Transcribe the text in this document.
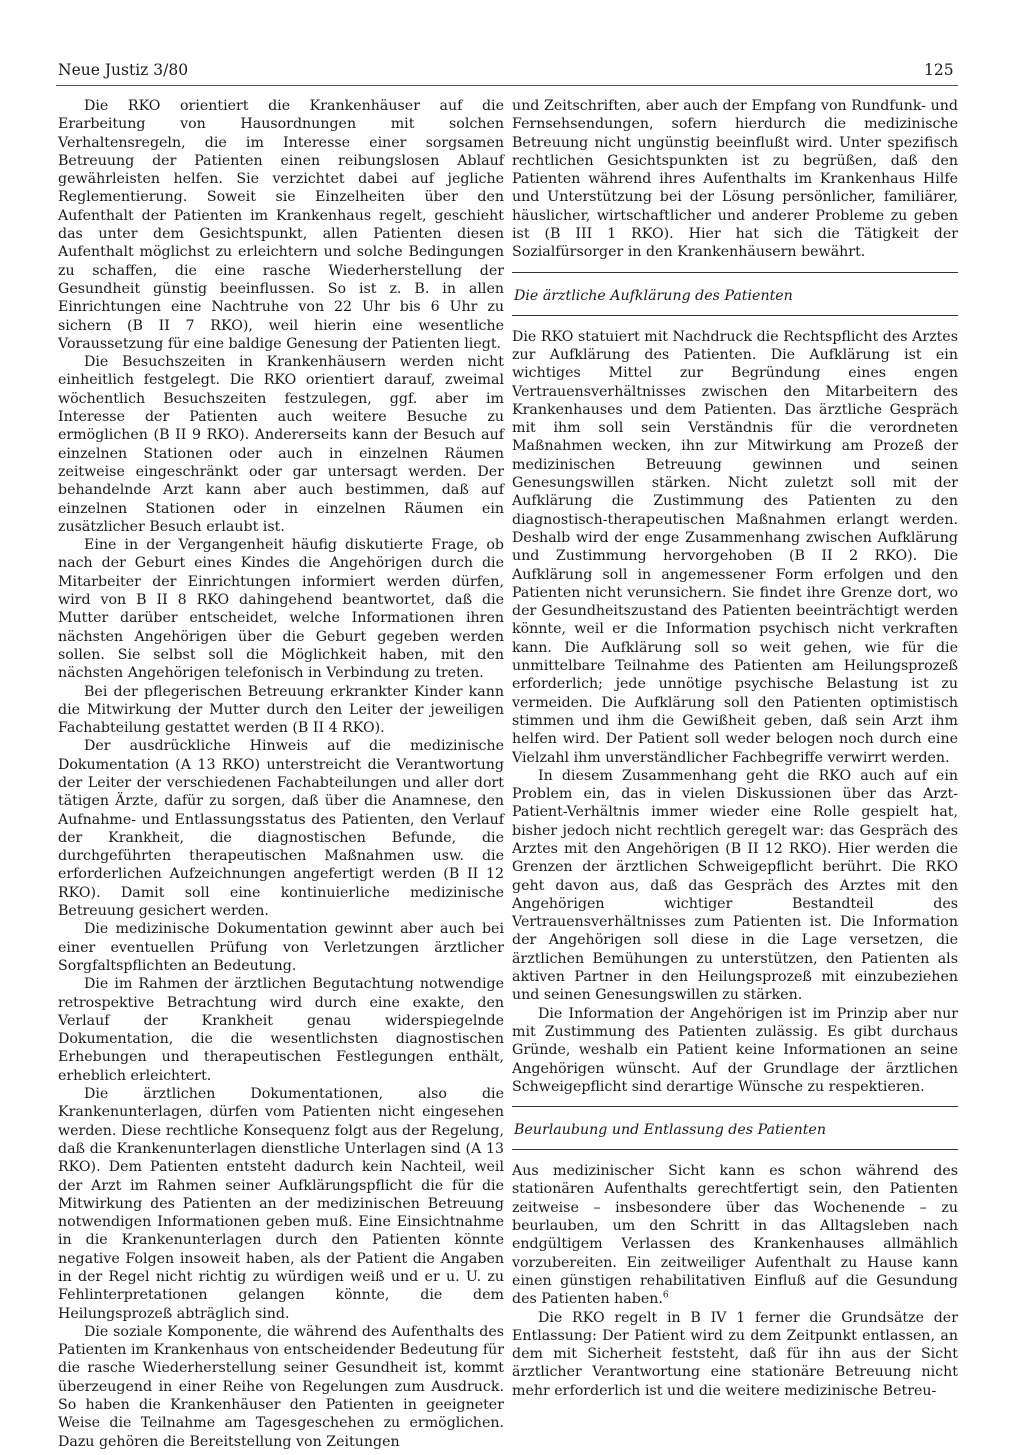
Neue Justiz 3/80	125

Die RKO orientiert die Krankenhäuser auf die Erarbeitung von Hausordnungen mit solchen Verhaltensregeln, die im Interesse einer sorgsamen Betreuung der Patienten einen reibungslosen Ablauf gewährleisten helfen. Sie verzichtet dabei auf jegliche Reglementierung. Soweit sie Einzelheiten über den Aufenthalt der Patienten im Krankenhaus regelt, geschieht das unter dem Gesichtspunkt, allen Patienten diesen Aufenthalt möglichst zu erleichtern und solche Bedingungen zu schaffen, die eine rasche Wiederherstellung der Gesundheit günstig beeinflussen. So ist z. B. in allen Einrichtungen eine Nachtruhe von 22 Uhr bis 6 Uhr zu sichern (B II 7 RKO), weil hierin eine wesentliche Voraussetzung für eine baldige Genesung der Patienten liegt.

Die Besuchszeiten in Krankenhäusern werden nicht einheitlich festgelegt. Die RKO orientiert darauf, zweimal wöchentlich Besuchszeiten festzulegen, ggf. aber im Interesse der Patienten auch weitere Besuche zu ermöglichen (B II 9 RKO). Andererseits kann der Besuch auf einzelnen Stationen oder auch in einzelnen Räumen zeitweise eingeschränkt oder gar untersagt werden. Der behandelnde Arzt kann aber auch bestimmen, daß auf einzelnen Stationen oder in einzelnen Räumen ein zusätzlicher Besuch erlaubt ist.

Eine in der Vergangenheit häufig diskutierte Frage, ob nach der Geburt eines Kindes die Angehörigen durch die Mitarbeiter der Einrichtungen informiert werden dürfen, wird von B II 8 RKO dahingehend beantwortet, daß die Mutter darüber entscheidet, welche Informationen ihren nächsten Angehörigen über die Geburt gegeben werden sollen. Sie selbst soll die Möglichkeit haben, mit den nächsten Angehörigen telefonisch in Verbindung zu treten.

Bei der pflegerischen Betreuung erkrankter Kinder kann die Mitwirkung der Mutter durch den Leiter der jeweiligen Fachabteilung gestattet werden (B II 4 RKO).

Der ausdrückliche Hinweis auf die medizinische Dokumentation (A 13 RKO) unterstreicht die Verantwortung der Leiter der verschiedenen Fachabteilungen und aller dort tätigen Ärzte, dafür zu sorgen, daß über die Anamnese, den Aufnahme- und Entlassungsstatus des Patienten, den Verlauf der Krankheit, die diagnostischen Befunde, die durchgeführten therapeutischen Maßnahmen usw. die erforderlichen Aufzeichnungen angefertigt werden (B II 12 RKO). Damit soll eine kontinuierliche medizinische Betreuung gesichert werden.

Die medizinische Dokumentation gewinnt aber auch bei einer eventuellen Prüfung von Verletzungen ärztlicher Sorgfaltspflichten an Bedeutung.

Die im Rahmen der ärztlichen Begutachtung notwendige retrospektive Betrachtung wird durch eine exakte, den Verlauf der Krankheit genau widerspiegelnde Dokumentation, die die wesentlichsten diagnostischen Erhebungen und therapeutischen Festlegungen enthält, erheblich erleichtert.

Die ärztlichen Dokumentationen, also die Krankenunterlagen, dürfen vom Patienten nicht eingesehen werden. Diese rechtliche Konsequenz folgt aus der Regelung, daß die Krankenunterlagen dienstliche Unterlagen sind (A 13 RKO). Dem Patienten entsteht dadurch kein Nachteil, weil der Arzt im Rahmen seiner Aufklärungspflicht die für die Mitwirkung des Patienten an der medizinischen Betreuung notwendigen Informationen geben muß. Eine Einsichtnahme in die Krankenunterlagen durch den Patienten könnte negative Folgen insoweit haben, als der Patient die Angaben in der Regel nicht richtig zu würdigen weiß und er u. U. zu Fehlinterpretationen gelangen könnte, die dem Heilungsprozeß abträglich sind.

Die soziale Komponente, die während des Aufenthalts des Patienten im Krankenhaus von entscheidender Bedeutung für die rasche Wiederherstellung seiner Gesundheit ist, kommt überzeugend in einer Reihe von Regelungen zum Ausdruck. So haben die Krankenhäuser den Patienten in geeigneter Weise die Teilnahme am Tagesgeschehen zu ermöglichen. Dazu gehören die Bereitstellung von Zeitungen

und Zeitschriften, aber auch der Empfang von Rundfunk- und Fernsehsendungen, sofern hierdurch die medizinische Betreuung nicht ungünstig beeinflußt wird. Unter spezifisch rechtlichen Gesichtspunkten ist zu begrüßen, daß den Patienten während ihres Aufenthalts im Krankenhaus Hilfe und Unterstützung bei der Lösung persönlicher, familiärer, häuslicher, wirtschaftlicher und anderer Probleme zu geben ist (B III 1 RKO). Hier hat sich die Tätigkeit der Sozialfürsorger in den Krankenhäusern bewährt.

Die ärztliche Aufklärung des Patienten

Die RKO statuiert mit Nachdruck die Rechtspflicht des Arztes zur Aufklärung des Patienten. Die Aufklärung ist ein wichtiges Mittel zur Begründung eines engen Vertrauensverhältnisses zwischen den Mitarbeitern des Krankenhauses und dem Patienten. Das ärztliche Gespräch mit ihm soll sein Verständnis für die verordneten Maßnahmen wecken, ihn zur Mitwirkung am Prozeß der medizinischen Betreuung gewinnen und seinen Genesungswillen stärken. Nicht zuletzt soll mit der Aufklärung die Zustimmung des Patienten zu den diagnostisch-therapeutischen Maßnahmen erlangt werden. Deshalb wird der enge Zusammenhang zwischen Aufklärung und Zustimmung hervorgehoben (B II 2 RKO). Die Aufklärung soll in angemessener Form erfolgen und den Patienten nicht verunsichern. Sie findet ihre Grenze dort, wo der Gesundheitszustand des Patienten beeinträchtigt werden könnte, weil er die Information psychisch nicht verkraften kann. Die Aufklärung soll so weit gehen, wie für die unmittelbare Teilnahme des Patienten am Heilungsprozeß erforderlich; jede unnötige psychische Belastung ist zu vermeiden. Die Aufklärung soll den Patienten optimistisch stimmen und ihm die Gewißheit geben, daß sein Arzt ihm helfen wird. Der Patient soll weder belogen noch durch eine Vielzahl ihm unverständlicher Fachbegriffe verwirrt werden.

In diesem Zusammenhang geht die RKO auch auf ein Problem ein, das in vielen Diskussionen über das Arzt-Patient-Verhältnis immer wieder eine Rolle gespielt hat, bisher jedoch nicht rechtlich geregelt war: das Gespräch des Arztes mit den Angehörigen (B II 12 RKO). Hier werden die Grenzen der ärztlichen Schweigepflicht berührt. Die RKO geht davon aus, daß das Gespräch des Arztes mit den Angehörigen wichtiger Bestandteil des Vertrauensverhältnisses zum Patienten ist. Die Information der Angehörigen soll diese in die Lage versetzen, die ärztlichen Bemühungen zu unterstützen, den Patienten als aktiven Partner in den Heilungsprozeß mit einzubeziehen und seinen Genesungswillen zu stärken.

Die Information der Angehörigen ist im Prinzip aber nur mit Zustimmung des Patienten zulässig. Es gibt durchaus Gründe, weshalb ein Patient keine Informationen an seine Angehörigen wünscht. Auf der Grundlage der ärztlichen Schweigepflicht sind derartige Wünsche zu respektieren.

Beurlaubung und Entlassung des Patienten

Aus medizinischer Sicht kann es schon während des stationären Aufenthalts gerechtfertigt sein, den Patienten zeitweise – insbesondere über das Wochenende – zu beurlauben, um den Schritt in das Alltagsleben nach endgültigem Verlassen des Krankenhauses allmählich vorzubereiten. Ein zeitweiliger Aufenthalt zu Hause kann einen günstigen rehabilitativen Einfluß auf die Gesundung des Patienten haben.$^6$

Die RKO regelt in B IV 1 ferner die Grundsätze der Entlassung: Der Patient wird zu dem Zeitpunkt entlassen, an dem mit Sicherheit feststeht, daß für ihn aus der Sicht ärztlicher Verantwortung eine stationäre Betreuung nicht mehr erforderlich ist und die weitere medizinische Betreu-
